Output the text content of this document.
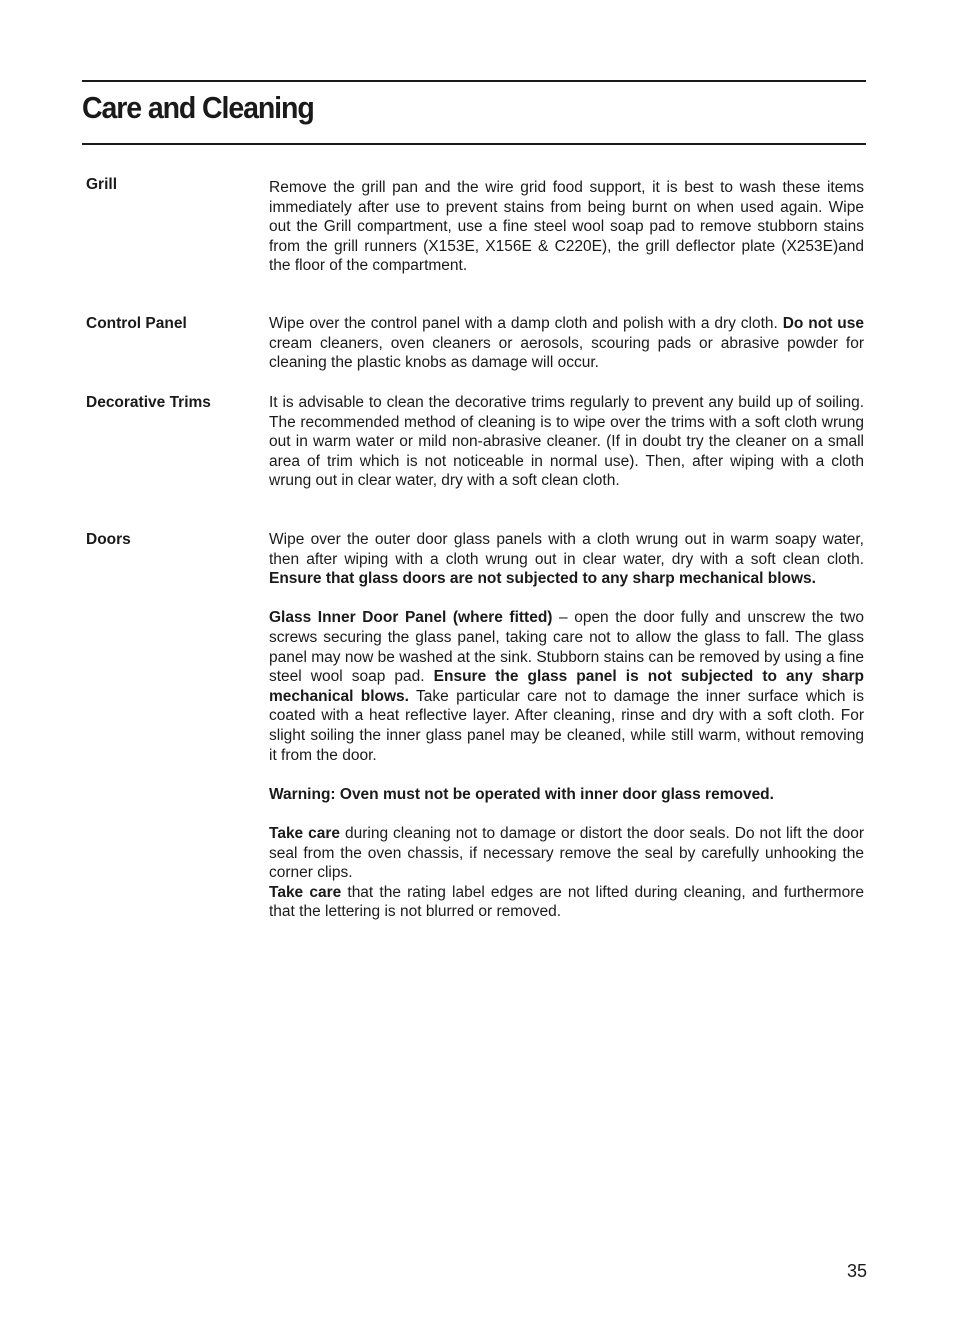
Care and Cleaning
Grill	Remove the grill pan and the wire grid food support, it is best to wash these items immediately after use to prevent stains from being burnt on when used again. Wipe out the Grill compartment, use a fine steel wool soap pad to remove stubborn stains from the grill runners (X153E, X156E & C220E), the grill deflector plate (X253E)and the floor of the compartment.

Control Panel	Wipe over the control panel with a damp cloth and polish with a dry cloth. Do not use cream cleaners, oven cleaners or aerosols, scouring pads or abrasive powder for cleaning the plastic knobs as damage will occur.

Decorative Trims	It is advisable to clean the decorative trims regularly to prevent any build up of soiling. The recommended method of cleaning is to wipe over the trims with a soft cloth wrung out in warm water or mild non-abrasive cleaner. (If in doubt try the cleaner on a small area of trim which is not noticeable in normal use). Then, after wiping with a cloth wrung out in clear water, dry with a soft clean cloth.

Doors	Wipe over the outer door glass panels with a cloth wrung out in warm soapy water, then after wiping with a cloth wrung out in clear water, dry with a soft clean cloth. Ensure that glass doors are not subjected to any sharp mechanical blows.

Glass Inner Door Panel (where fitted) – open the door fully and unscrew the two screws securing the glass panel, taking care not to allow the glass to fall. The glass panel may now be washed at the sink. Stubborn stains can be removed by using a fine steel wool soap pad. Ensure the glass panel is not subjected to any sharp mechanical blows. Take particular care not to damage the inner surface which is coated with a heat reflective layer. After cleaning, rinse and dry with a soft cloth. For slight soiling the inner glass panel may be cleaned, while still warm, without removing it from the door.

Warning: Oven must not be operated with inner door glass removed.

Take care during cleaning not to damage or distort the door seals. Do not lift the door seal from the oven chassis, if necessary remove the seal by carefully unhooking the corner clips.

Take care that the rating label edges are not lifted during cleaning, and furthermore that the lettering is not blurred or removed.

35
